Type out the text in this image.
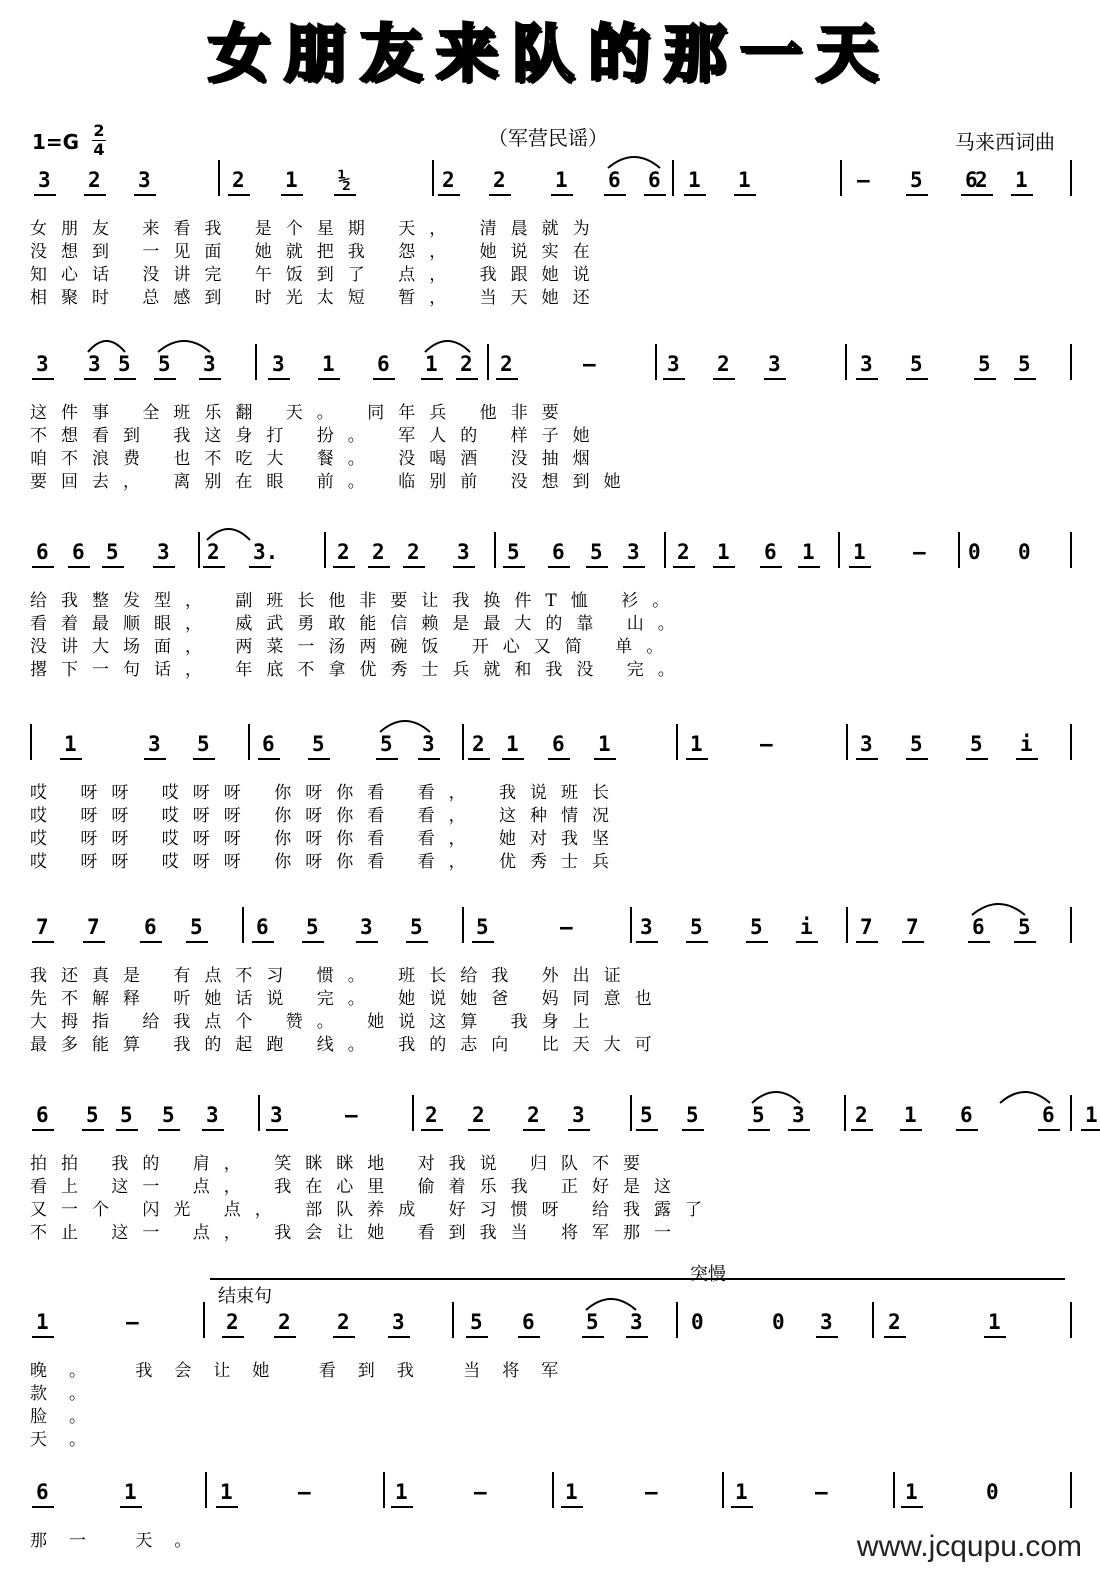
女朋友来队的那一天
1=G 2
4	（军营民谣）	马来西词曲
3 2 3	2 1 ½	2 2 1 6 6 1 1	– 5 6 1
2
女朋友 来看我 是个星期 天， 清晨就为
没想到 一见面 她就把我 怨， 她说实在
知心话 没讲完 午饭到了 点， 我跟她说
相聚时 总感到 时光太短 暂， 当天她还
3 3 5 5 3	3 1 6 1 2 2	–	3 2 3	3 5	5 5
这件事 全班乐翻 天。 同年兵 他非要
不想看到 我这身打 扮。 军人的 样子她
咱不浪费 也不吃大 餐。 没喝酒 没抽烟
要回去， 离别在眼 前。 临别前 没想到她
6 6 5 3 2 3.	2 2 2 3 5 6 5 3 2 1 6 1 1 – 0 0
给我整发型， 副班长他非要让我换件T恤 衫。
看着最顺眼， 威武勇敢能信赖是最大的靠 山。
没讲大场面， 两菜一汤两碗饭 开心又简 单。
撂下一句话， 年底不拿优秀士兵就和我没 完。
1	3 5 6 5	5 3 2 1 6 1	1	–	3 5 5 i
哎 呀呀 哎呀呀 你呀你看 看， 我说班长
哎 呀呀 哎呀呀 你呀你看 看， 这种情况
哎 呀呀 哎呀呀 你呀你看 看， 她对我坚
哎 呀呀 哎呀呀 你呀你看 看， 优秀士兵
7 7 6 5	6 5 3 5	5	–	3 5 5 i 7 7	6 5
我还真是 有点不习 惯。 班长给我 外出证
先不解释 听她话说 完。 她说她爸 妈同意也
大拇指 给我点个 赞。 她说这算 我身上
最多能算 我的起跑 线。 我的志向 比天大可
6 5 5 5 3 3	–	2 2 2 3	5 5	5 3 2 1 6	6 1
拍拍 我的 肩， 笑眯眯地 对我说 归队不要
看上 这一 点， 我在心里 偷着乐我 正好是这
又一个 闪光 点， 部队养成 好习惯呀 给我露了
不止 这一 点， 我会让她 看到我当 将军那一
1	–	2 2 2 3	5 6 5 3 0	0 3	2	1
晚。 我会让她 看到我 当将军
款。
脸。
天。
结束句
突慢
6	1	1	–	1	–	1	–	1	–	1	0
那一 天。	www.jcqupu.com
